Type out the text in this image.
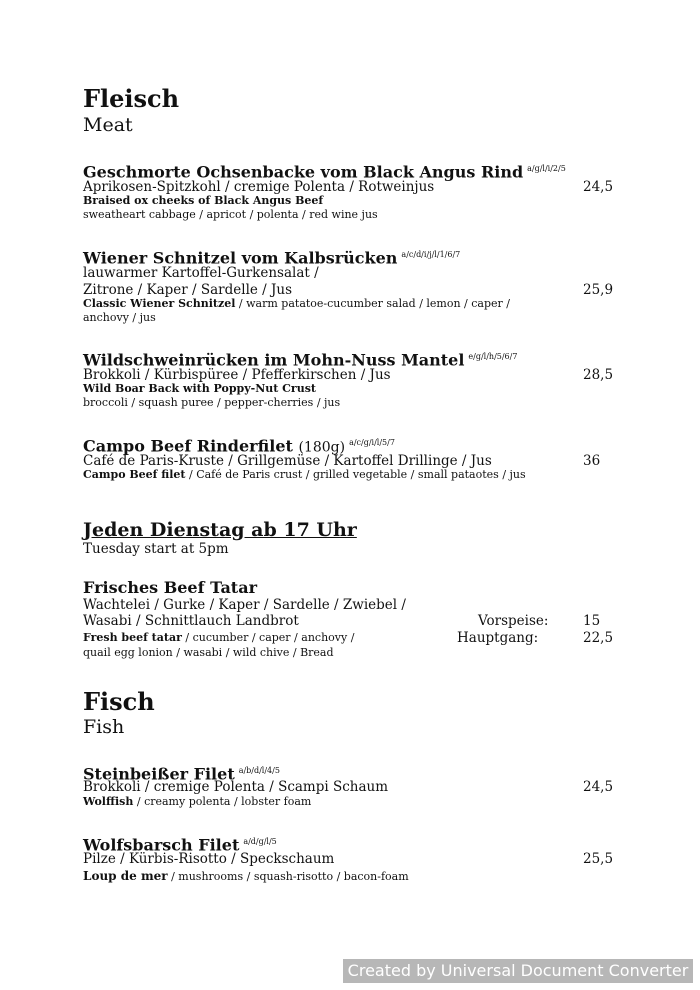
Fleisch
Meat
Geschmorte Ochsenbacke vom Black Angus Rind $^{a/g/l/i/2/5}$
Aprikosen-Spitzkohl / cremige Polenta / Rotweinjus	24,5
Braised ox cheeks of Black Angus Beef
sweatheart cabbage / apricot / polenta / red wine jus
Wiener Schnitzel vom Kalbsrücken $^{a/c/d/i/j/l/1/6/7}$
lauwarmer Kartoffel-Gurkensalat /
Zitrone / Kaper / Sardelle / Jus	25,9
Classic Wiener Schnitzel / warm patatoe-cucumber salad / lemon / caper /
anchovy / jus
Wildschweinrücken im Mohn-Nuss Mantel $^{e/g/l/h/5/6/7}$
Brokkoli / Kürbispüree / Pfefferkirschen / Jus	28,5
Wild Boar Back with Poppy-Nut Crust
broccoli / squash puree / pepper-cherries / jus
Campo Beef Rinderfilet (180g) $^{a/c/g/i/l/5/7}$
Café de Paris-Kruste / Grillgemüse / Kartoffel Drillinge / Jus	36
Campo Beef filet / Café de Paris crust / grilled vegetable / small pataotes / jus
Jeden Dienstag ab 17 Uhr
Tuesday start at 5pm
Frisches Beef Tatar
Wachtelei / Gurke / Kaper / Sardelle / Zwiebel /
Wasabi / Schnittlauch Landbrot	Vorspeise:	15
Fresh beef tatar / cucumber / caper / anchovy /	Hauptgang:	22,5
quail egg lonion / wasabi / wild chive / Bread
Fisch
Fish
Steinbeißer Filet $^{a/b/d/l/4/5}$
Brokkoli / cremige Polenta / Scampi Schaum	24,5
Wolffish / creamy polenta / lobster foam
Wolfsbarsch Filet $^{a/d/g/l/5}$
Pilze / Kürbis-Risotto / Speckschaum	25,5
Loup de mer / mushrooms / squash-risotto / bacon-foam
Created by Universal Document Converter
